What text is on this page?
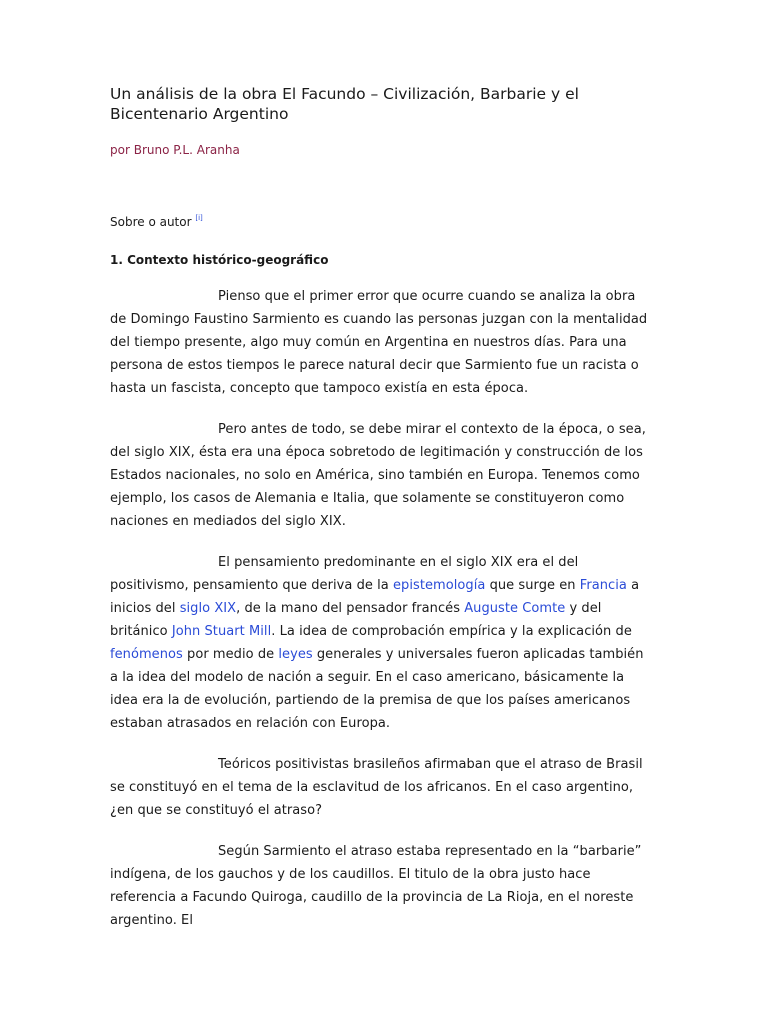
Un análisis de la obra El Facundo – Civilización, Barbarie y el Bicentenario Argentino
por Bruno P.L. Aranha
Sobre o autor [i]
1. Contexto histórico-geográfico

Pienso que el primer error que ocurre cuando se analiza la obra de Domingo Faustino Sarmiento es cuando las personas juzgan con la mentalidad del tiempo presente, algo muy común en Argentina en nuestros días. Para una persona de estos tiempos le parece natural decir que Sarmiento fue un racista o hasta un fascista, concepto que tampoco existía en esta época.

Pero antes de todo, se debe mirar el contexto de la época, o sea, del siglo XIX, ésta era una época sobretodo de legitimación y construcción de los Estados nacionales, no solo en América, sino también en Europa. Tenemos como ejemplo, los casos de Alemania e Italia, que solamente se constituyeron como naciones en mediados del siglo XIX.

El pensamiento predominante en el siglo XIX era el del positivismo, pensamiento que deriva de la epistemología que surge en Francia a inicios del siglo XIX, de la mano del pensador francés Auguste Comte y del británico John Stuart Mill. La idea de comprobación empírica y la explicación de fenómenos por medio de leyes generales y universales fueron aplicadas también a la idea del modelo de nación a seguir. En el caso americano, básicamente la idea era la de evolución, partiendo de la premisa de que los países americanos estaban atrasados en relación con Europa.

Teóricos positivistas brasileños afirmaban que el atraso de Brasil se constituyó en el tema de la esclavitud de los africanos. En el caso argentino, ¿en que se constituyó el atraso?

Según Sarmiento el atraso estaba representado en la “barbarie” indígena, de los gauchos y de los caudillos. El titulo de la obra justo hace referencia a Facundo Quiroga, caudillo de la provincia de La Rioja, en el noreste argentino. El
